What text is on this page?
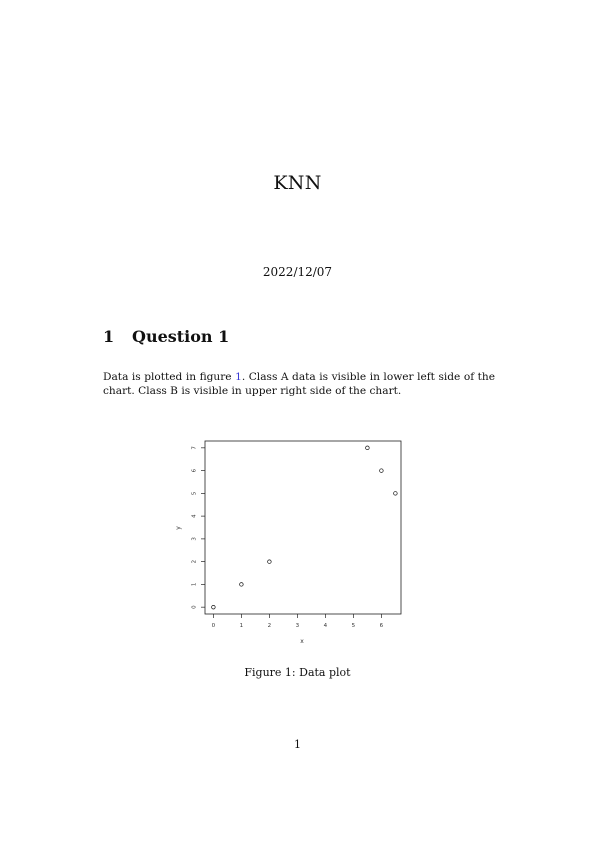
KNN
2022/12/07
1 Question 1
Data is plotted in figure 1. Class A data is visible in lower left side of the chart. Class B is visible in upper right side of the chart.
0	1	2	3	4	5	6
0
1
2
3
4
5
6
7
x
y
Figure 1: Data plot
1
